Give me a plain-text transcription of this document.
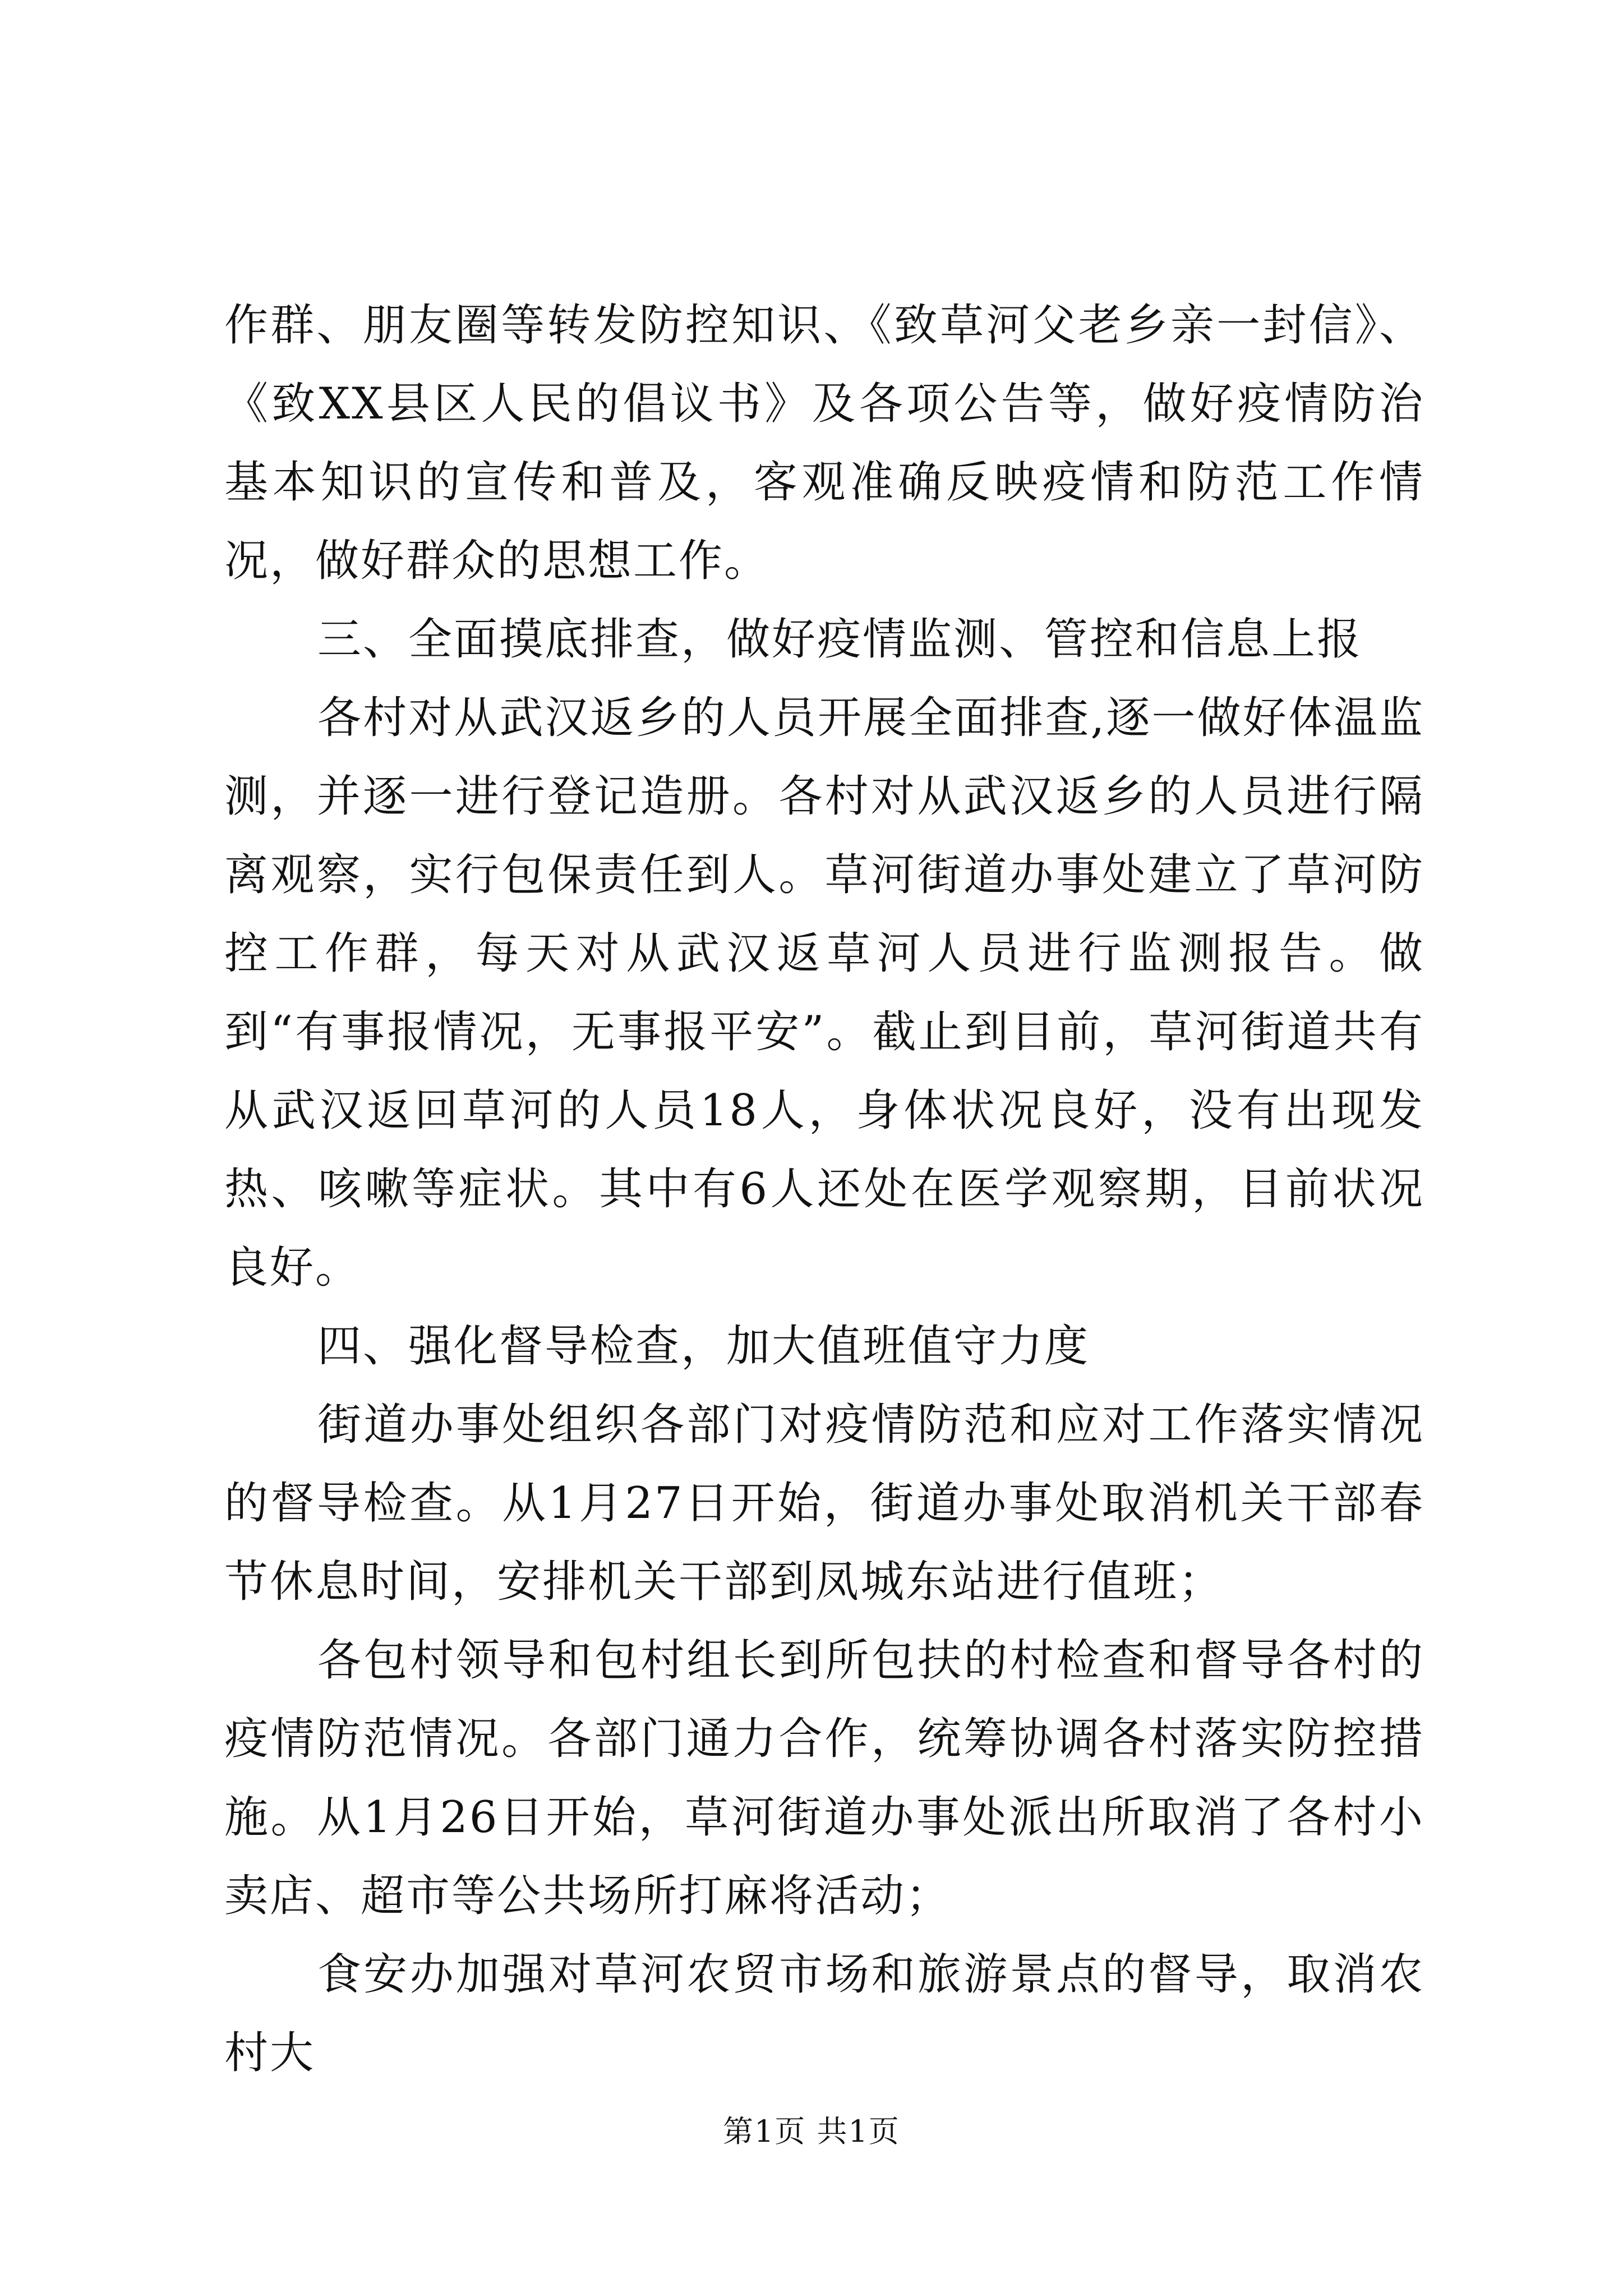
作群、朋友圈等转发防控知识、《致草河父老乡亲一封信》、《致XX县区人民的倡议书》及各项公告等，做好疫情防治基本知识的宣传和普及，客观准确反映疫情和防范工作情况，做好群众的思想工作。

三、全面摸底排查，做好疫情监测、管控和信息上报

各村对从武汉返乡的人员开展全面排查,逐一做好体温监测，并逐一进行登记造册。各村对从武汉返乡的人员进行隔离观察，实行包保责任到人。草河街道办事处建立了草河防控工作群，每天对从武汉返草河人员进行监测报告。做到“有事报情况，无事报平安”。截止到目前，草河街道共有从武汉返回草河的人员18人，身体状况良好，没有出现发热、咳嗽等症状。其中有6人还处在医学观察期，目前状况良好。

四、强化督导检查，加大值班值守力度

街道办事处组织各部门对疫情防范和应对工作落实情况的督导检查。从1月27日开始，街道办事处取消机关干部春节休息时间，安排机关干部到凤城东站进行值班；

各包村领导和包村组长到所包扶的村检查和督导各村的疫情防范情况。各部门通力合作，统筹协调各村落实防控措施。从1月26日开始，草河街道办事处派出所取消了各村小卖店、超市等公共场所打麻将活动；

食安办加强对草河农贸市场和旅游景点的督导，取消农村大

第1页 共1页
